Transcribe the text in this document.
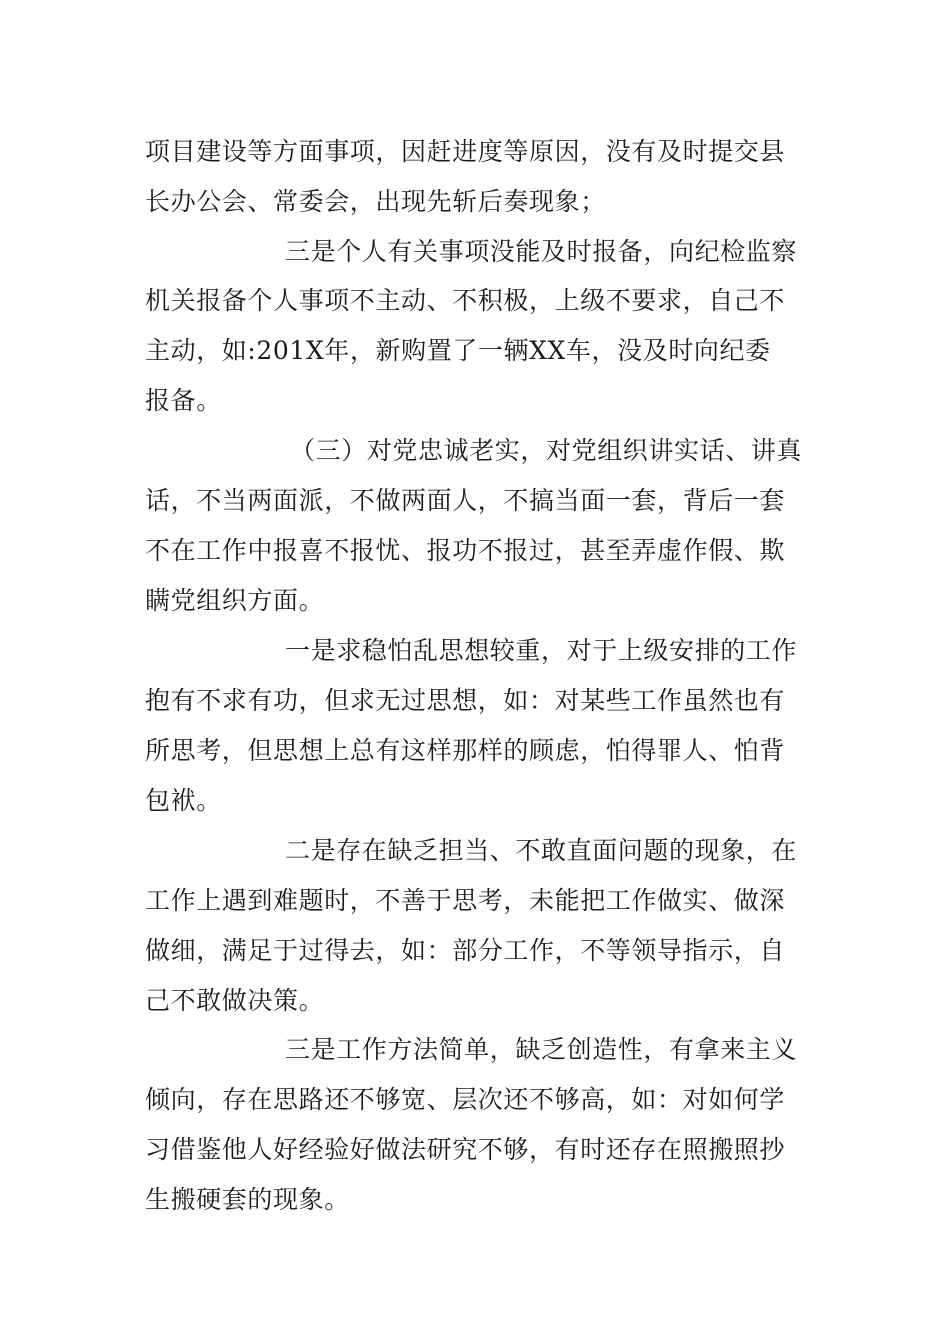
项目建设等方面事项，因赶进度等原因，没有及时提交县
长办公会、常委会，出现先斩后奏现象；
三是个人有关事项没能及时报备，向纪检监察
机关报备个人事项不主动、不积极，上级不要求，自己不
主动，如:201X年，新购置了一辆XX车，没及时向纪委
报备。
（三）对党忠诚老实，对党组织讲实话、讲真
话，不当两面派，不做两面人，不搞当面一套，背后一套
不在工作中报喜不报忧、报功不报过，甚至弄虚作假、欺
瞒党组织方面。
一是求稳怕乱思想较重，对于上级安排的工作
抱有不求有功，但求无过思想，如：对某些工作虽然也有
所思考，但思想上总有这样那样的顾虑，怕得罪人、怕背
包袱。
二是存在缺乏担当、不敢直面问题的现象，在
工作上遇到难题时，不善于思考，未能把工作做实、做深
做细，满足于过得去，如：部分工作，不等领导指示，自
己不敢做决策。
三是工作方法简单，缺乏创造性，有拿来主义
倾向，存在思路还不够宽、层次还不够高，如：对如何学
习借鉴他人好经验好做法研究不够，有时还存在照搬照抄
生搬硬套的现象。
